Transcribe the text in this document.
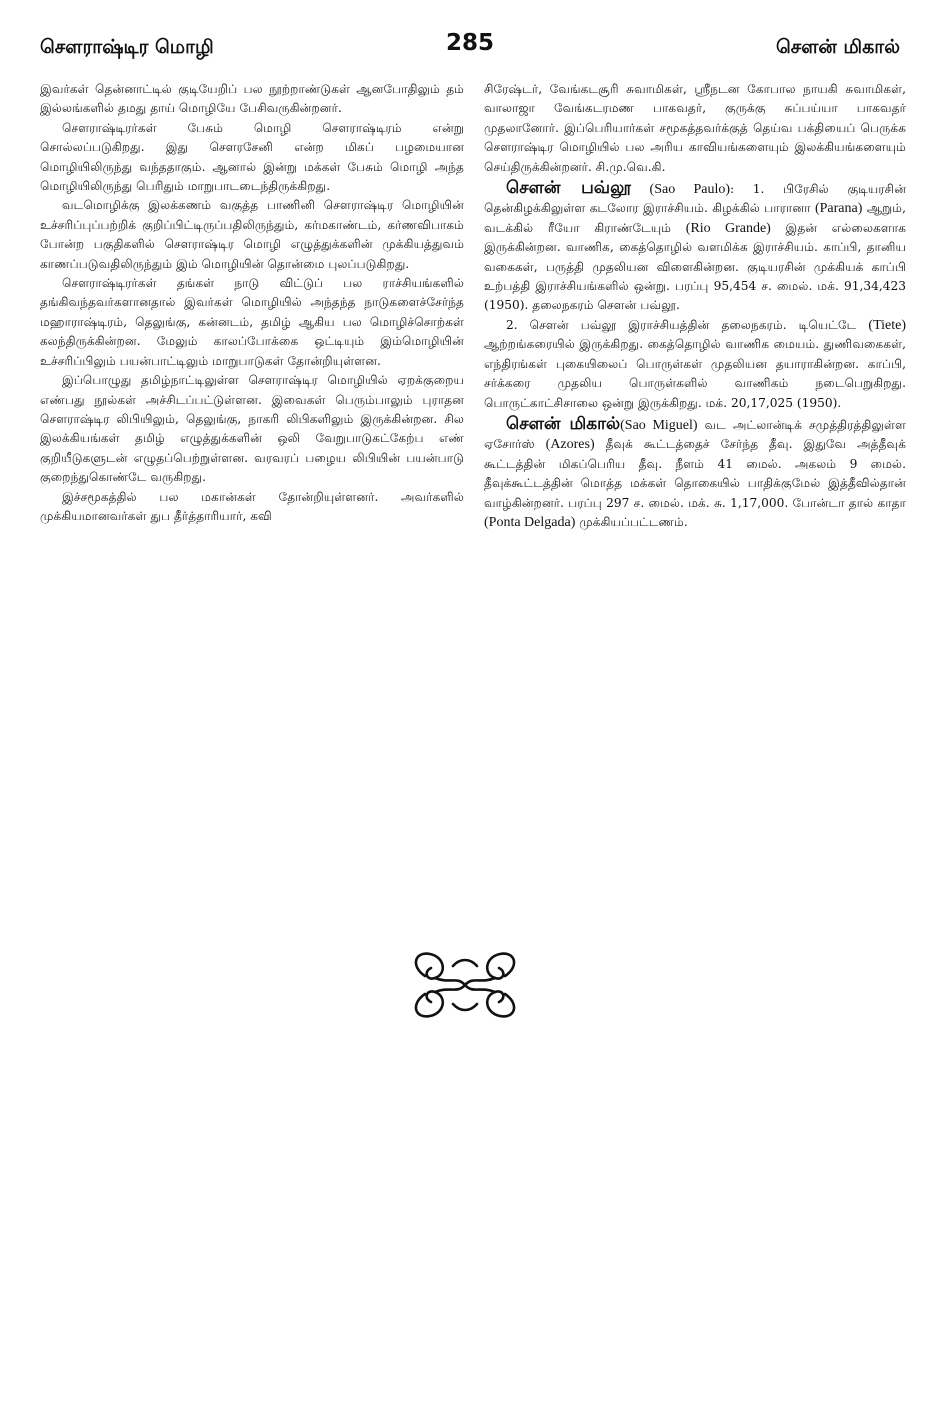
சௌராஷ்டிர மொழி	285	சௌன் மிகால்

இவர்கள் தென்னாட்டில் குடியேறிப் பல நூற்றாண்டுகள் ஆனபோதிலும் தம் இல்லங்களில் தமது தாய் மொழியே பேசிவருகின்றனர்.

சௌராஷ்டிரர்கள் பேசும் மொழி சௌராஷ்டிரம் என்று சொல்லப்படுகிறது. இது சௌரசேனி என்ற மிகப் பழமையான மொழியிலிருந்து வந்ததாகும். ஆனால் இன்று மக்கள் பேசும் மொழி அந்த மொழியிலிருந்து பெரிதும் மாறுபாடடைந்திருக்கிறது.

வடமொழிக்கு இலக்கணம் வகுத்த பாணினி சௌராஷ்டிர மொழியின் உச்சரிப்புப்பற்றிக் குறிப்பிட்டிருப்பதிலிருந்தும், கர்மகாண்டம், கர்ணவிபாகம் போன்ற பகுதிகளில் சௌராஷ்டிர மொழி எழுத்துக்களின் முக்கியத்துவம் காணப்படுவதிலிருந்தும் இம் மொழியின் தொன்மை புலப்படுகிறது.

சௌராஷ்டிரர்கள் தங்கள் நாடு விட்டுப் பல ராச்சியங்களில் தங்கிவந்தவர்களானதால் இவர்கள் மொழியில் அந்தந்த நாடுகளைச்சேர்ந்த மஹாராஷ்டிரம், தெலுங்கு, கன்னடம், தமிழ் ஆகிய பல மொழிச்சொற்கள் கலந்திருக்கின்றன. மேலும் காலப்போக்கை ஒட்டியும் இம்மொழியின் உச்சரிப்பிலும் பயன்பாட்டிலும் மாறுபாடுகள் தோன்றியுள்ளன.

இப்பொழுது தமிழ்நாட்டிலுள்ள சௌராஷ்டிர மொழியில் ஏறக்குறைய எண்பது நூல்கள் அச்சிடப்பட்டுள்ளன. இவைகள் பெரும்பாலும் புராதன சௌராஷ்டிர லிபியிலும், தெலுங்கு, நாகரி லிபிகளிலும் இருக்கின்றன. சில இலக்கியங்கள் தமிழ் எழுத்துக்களின் ஒலி வேறுபாடுகட்கேற்ப எண் குறியீடுகளுடன் எழுதப்பெற்றுள்ளன. வரவரப் பழைய லிபியின் பயன்பாடு குறைந்துகொண்டே வருகிறது.

இச்சமூகத்தில் பல மகான்கள் தோன்றியுள்ளனர். அவர்களில் முக்கியமானவர்கள் துப தீர்த்தாரியார், கவி

சிரேஷ்டர், வேங்கடசூரி சுவாமிகள், ஸ்ரீநடன கோபால நாயகி சுவாமிகள், வாலாஜா வேங்கடரமண பாகவதர், குருக்கு சுப்பய்யா பாகவதர் முதலானோர். இப்பெரியார்கள் சமூகத்தவர்க்குத் தெய்வ பக்தியைப் பெருக்க சௌராஷ்டிர மொழியில் பல அரிய காவியங்களையும் இலக்கியங்களையும் செய்திருக்கின்றனர். சி.மு.வெ.கி.

சௌன் பவ்லூ (Sao Paulo): 1. பிரேசில் குடியரசின் தென்கிழக்கிலுள்ள கடலோர இராச்சியம். கிழக்கில் பாரானா (Parana) ஆறும், வடக்கில் ரீயோ கிராண்டேயும் (Rio Grande) இதன் எல்லைகளாக இருக்கின்றன. வாணிக, கைத்தொழில் வளமிக்க இராச்சியம். காப்பி, தானிய வகைகள், பருத்தி முதலியன விளைகின்றன. குடியரசின் முக்கியக் காப்பி உற்பத்தி இராச்சியங்களில் ஒன்று. பரப்பு 95,454 ச. மைல். மக். 91,34,423 (1950). தலைநகரம் சௌன் பவ்லூ.

2. சௌன் பவ்லூ இராச்சியத்தின் தலைநகரம். டியெட்டே (Tiete) ஆற்றங்கரையில் இருக்கிறது. கைத்தொழில் வாணிக மையம். துணிவகைகள், எந்திரங்கள் புகையிலைப் பொருள்கள் முதலியன தயாராகின்றன. காப்பி, சர்க்கரை முதலிய பொருள்களில் வாணிகம் நடைபெறுகிறது. பொருட்காட்சிசாலை ஒன்று இருக்கிறது. மக். 20,17,025 (1950).

சௌன் மிகால்(Sao Miguel) வட அட்லான்டிக் சமுத்திரத்திலுள்ள ஏசோர்ஸ் (Azores) தீவுக் கூட்டத்தைச் சேர்ந்த தீவு. இதுவே அத்தீவுக் கூட்டத்தின் மிகப்பெரிய தீவு. நீளம் 41 மைல். அகலம் 9 மைல். தீவுக்கூட்டத்தின் மொத்த மக்கள் தொகையில் பாதிக்குமேல் இத்தீவில்தான் வாழ்கின்றனர். பரப்பு 297 ச. மைல். மக். சு. 1,17,000. போன்டா தால் காதா (Ponta Delgada) முக்கியப்பட்டணம்.
